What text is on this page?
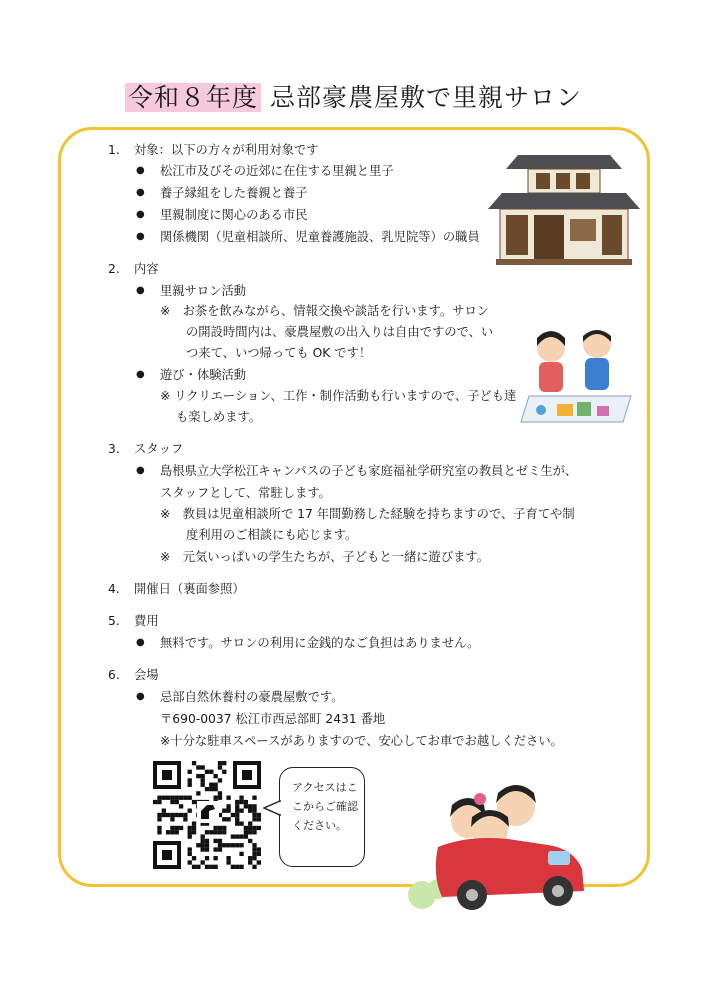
令和８年度 忌部豪農屋敷で里親サロン
1. 対象：以下の方々が利用対象です
● 松江市及びその近郊に在住する里親と里子
● 養子縁組をした養親と養子
● 里親制度に関心のある市民
● 関係機関（児童相談所、児童養護施設、乳児院等）の職員
2. 内容
● 里親サロン活動
※　お茶を飲みながら、情報交換や談話を行います。サロン
の開設時間内は、豪農屋敷の出入りは自由ですので、い
つ来て、いつ帰っても OK です！
● 遊び・体験活動
※ リクリエーション、工作・制作活動も行いますので、子ども達
も楽しめます。
3. スタッフ
● 島根県立大学松江キャンパスの子ども家庭福祉学研究室の教員とゼミ生が、
スタッフとして、常駐します。
※　教員は児童相談所で 17 年間勤務した経験を持ちますので、子育てや制
度利用のご相談にも応じます。
※　元気いっぱいの学生たちが、子どもと一緒に遊びます。
4. 開催日（裏面参照）
5. 費用
● 無料です。サロンの利用に金銭的なご負担はありません。
6. 会場
● 忌部自然休養村の豪農屋敷です。
〒690-0037 松江市西忌部町 2431 番地
※十分な駐車スペースがありますので、安心してお車でお越しください。
アクセスはここからご確認ください。
